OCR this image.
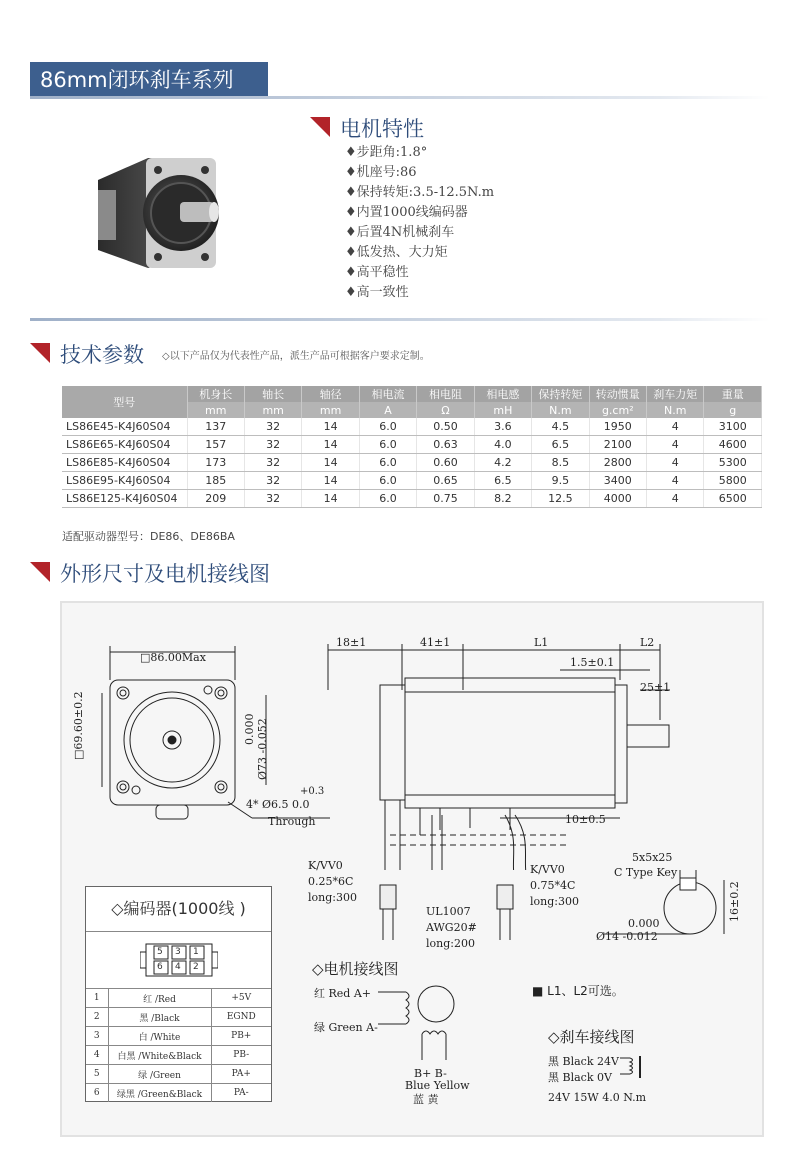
86mm闭环刹车系列
电机特性
♦步距角:1.8°
♦机座号:86
♦保持转矩:3.5-12.5N.m
♦内置1000线编码器
♦后置4N机械刹车
♦低发热、大力矩
♦高平稳性
♦高一致性
技术参数 ◇以下产品仅为代表性产品，派生产品可根据客户要求定制。
型号	机身长	轴长	轴径	相电流	相电阻	相电感	保持转矩	转动惯量	刹车力矩	重量
	mm	mm	mm	A	Ω	mH	N.m	g.cm²	N.m	g
LS86E45-K4J60S04	137	32	14	6.0	0.50	3.6	4.5	1950	4	3100
LS86E65-K4J60S04	157	32	14	6.0	0.63	4.0	6.5	2100	4	4600
LS86E85-K4J60S04	173	32	14	6.0	0.60	4.2	8.5	2800	4	5300
LS86E95-K4J60S04	185	32	14	6.0	0.65	6.5	9.5	3400	4	5800
LS86E125-K4J60S04	209	32	14	6.0	0.75	8.2	12.5	4000	4	6500
适配驱动器型号：DE86、DE86BA
外形尺寸及电机接线图
□86.00Max
□69.60±0.2	0.000 Ø73 -0.052
+0.3
4* Ø6.5 0.0
Through
18±1	41±1	L1	L2
1.5±0.1
25±1
10±0.5
K/VV0
0.25*6C
long:300
UL1007
AWG20#
long:200
K/VV0
0.75*4C
long:300
5x5x25
C Type Key
0.000
Ø14 -0.012
16±0.2
◇编码器(1000线 )
5 3 1
6 4 2
1	红 /Red	+5V
2	黑 /Black	EGND
3	白 /White	PB+
4	白黑 /White&Black	PB-
5	绿 /Green	PA+
6	绿黑 /Green&Black	PA-
◇电机接线图
红 Red A+
绿 Green A-
B+ B-
Blue Yellow
蓝 黄
■ L1、L2可选。
◇刹车接线图
黑 Black 24V
黑 Black 0V
24V 15W 4.0 N.m
